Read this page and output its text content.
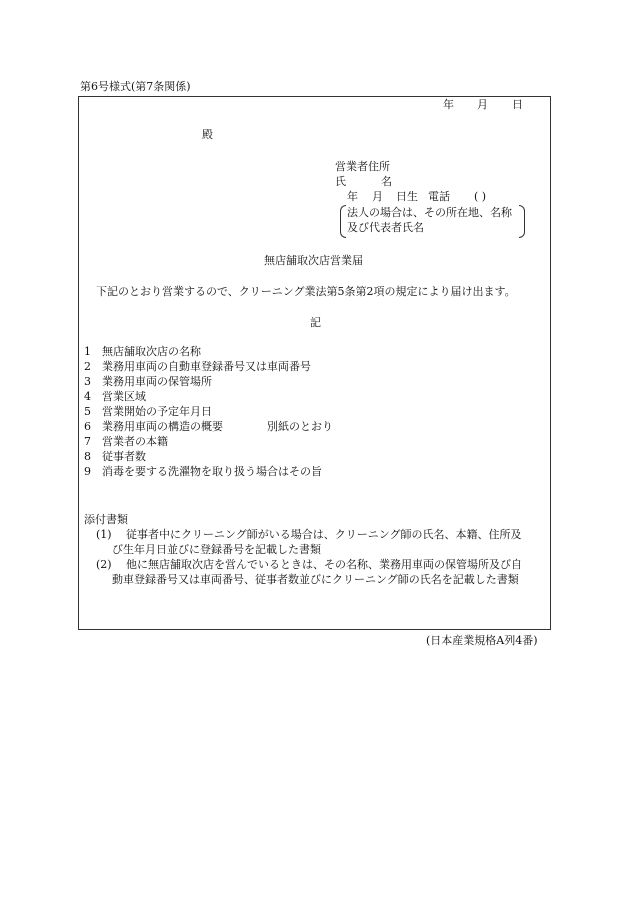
第6号様式(第7条関係)
年 月 日
殿
営業者住所
氏	名
年 月 日生 電話 ( )
法人の場合は、その所在地、名称
及び代表者氏名
無店舗取次店営業届
下記のとおり営業するので、クリーニング業法第5条第2項の規定により届け出ます。
記
1 無店舗取次店の名称
2 業務用車両の自動車登録番号又は車両番号
3 業務用車両の保管場所
4 営業区域
5 営業開始の予定年月日
6 業務用車両の構造の概要	別紙のとおり
7 営業者の本籍
8 従事者数
9 消毒を要する洗濯物を取り扱う場合はその旨
添付書類
(1) 従事者中にクリーニング師がいる場合は、クリーニング師の氏名、本籍、住所及
び生年月日並びに登録番号を記載した書類
(2) 他に無店舗取次店を営んでいるときは、その名称、業務用車両の保管場所及び自
動車登録番号又は車両番号、従事者数並びにクリーニング師の氏名を記載した書類
(日本産業規格A列4番)
